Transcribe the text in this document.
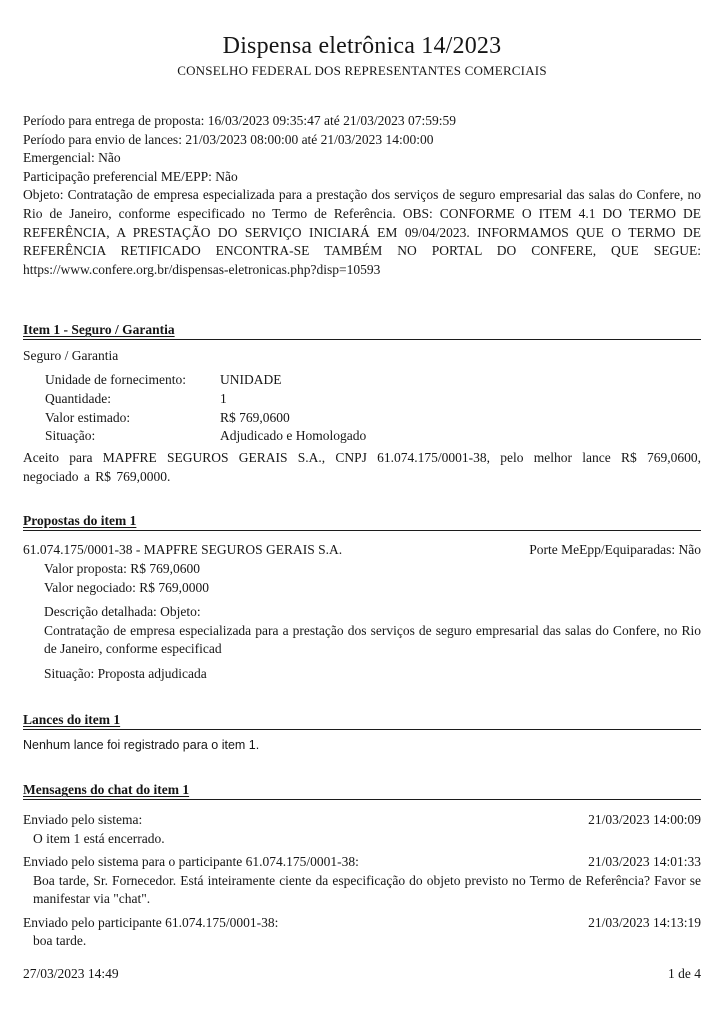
Dispensa eletrônica 14/2023
CONSELHO FEDERAL DOS REPRESENTANTES COMERCIAIS
Período para entrega de proposta: 16/03/2023 09:35:47 até 21/03/2023 07:59:59
Período para envio de lances: 21/03/2023 08:00:00 até 21/03/2023 14:00:00
Emergencial: Não
Participação preferencial ME/EPP: Não

Objeto: Contratação de empresa especializada para a prestação dos serviços de seguro empresarial das salas do Confere, no Rio de Janeiro, conforme especificado no Termo de Referência. OBS: CONFORME O ITEM 4.1 DO TERMO DE REFERÊNCIA, A PRESTAÇÃO DO SERVIÇO INICIARÁ EM 09/04/2023. INFORMAMOS QUE O TERMO DE REFERÊNCIA RETIFICADO ENCONTRA-SE TAMBÉM NO PORTAL DO CONFERE, QUE SEGUE: https://www.confere.org.br/dispensas-eletronicas.php?disp=10593

Item 1 - Seguro / Garantia
Seguro / Garantia
Unidade de fornecimento:	UNIDADE
Quantidade:	1
Valor estimado:	R$ 769,0600
Situação:	Adjudicado e Homologado

Aceito para MAPFRE SEGUROS GERAIS S.A., CNPJ 61.074.175/0001-38, pelo melhor lance R$ 769,0600, negociado a R$ 769,0000.

Propostas do item 1
61.074.175/0001-38 - MAPFRE SEGUROS GERAIS S.A.	Porte MeEpp/Equiparadas: Não
Valor proposta: R$ 769,0600
Valor negociado: R$ 769,0000
Descrição detalhada: Objeto:
Contratação de empresa especializada para a prestação dos serviços de seguro empresarial das salas do Confere, no Rio de Janeiro, conforme especificad
Situação: Proposta adjudicada
Lances do item 1
Nenhum lance foi registrado para o item 1.
Mensagens do chat do item 1
Enviado pelo sistema:	21/03/2023 14:00:09
O item 1 está encerrado.
Enviado pelo sistema para o participante 61.074.175/0001-38:	21/03/2023 14:01:33
Boa tarde, Sr. Fornecedor. Está inteiramente ciente da especificação do objeto previsto no Termo de Referência? Favor se manifestar via "chat".
Enviado pelo participante 61.074.175/0001-38:	21/03/2023 14:13:19
boa tarde.
27/03/2023 14:49	1 de 4
